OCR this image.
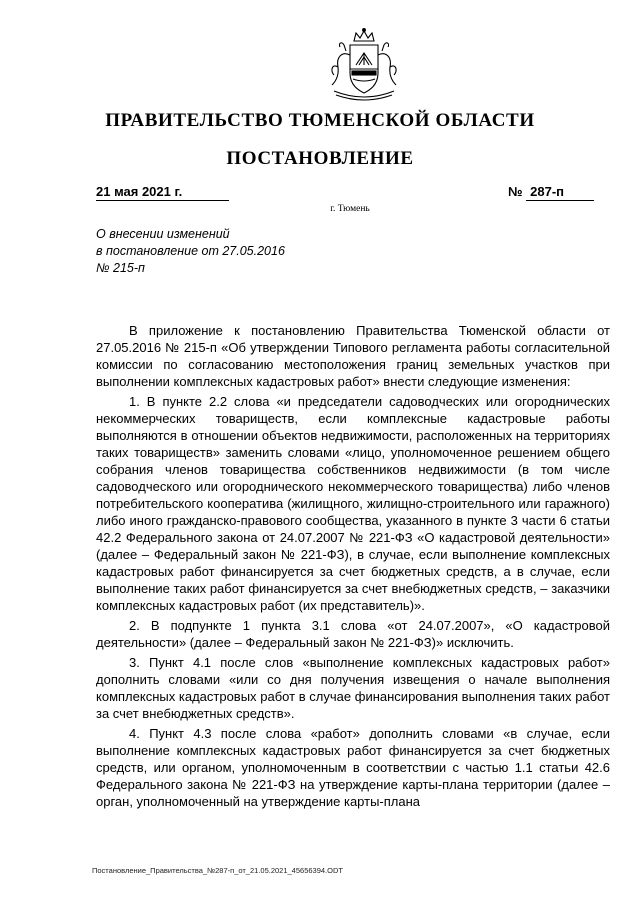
ПРАВИТЕЛЬСТВО ТЮМЕНСКОЙ ОБЛАСТИ
ПОСТАНОВЛЕНИЕ
21 мая 2021 г.	№ 287-п
г. Тюмень
О внесении изменений
в постановление от 27.05.2016
№ 215-п

В приложение к постановлению Правительства Тюменской области от 27.05.2016 № 215-п «Об утверждении Типового регламента работы согласительной комиссии по согласованию местоположения границ земельных участков при выполнении комплексных кадастровых работ» внести следующие изменения:

1. В пункте 2.2 слова «и председатели садоводческих или огороднических некоммерческих товариществ, если комплексные кадастровые работы выполняются в отношении объектов недвижимости, расположенных на территориях таких товариществ» заменить словами «лицо, уполномоченное решением общего собрания членов товарищества собственников недвижимости (в том числе садоводческого или огороднического некоммерческого товарищества) либо членов потребительского кооператива (жилищного, жилищно-строительного или гаражного) либо иного гражданско-правового сообщества, указанного в пункте 3 части 6 статьи 42.2 Федерального закона от 24.07.2007 № 221-ФЗ «О кадастровой деятельности» (далее – Федеральный закон № 221-ФЗ), в случае, если выполнение комплексных кадастровых работ финансируется за счет бюджетных средств, а в случае, если выполнение таких работ финансируется за счет внебюджетных средств, – заказчики комплексных кадастровых работ (их представитель)».

2. В подпункте 1 пункта 3.1 слова «от 24.07.2007», «О кадастровой деятельности» (далее – Федеральный закон № 221-ФЗ)» исключить.

3. Пункт 4.1 после слов «выполнение комплексных кадастровых работ» дополнить словами «или со дня получения извещения о начале выполнения комплексных кадастровых работ в случае финансирования выполнения таких работ за счет внебюджетных средств».

4. Пункт 4.3 после слова «работ» дополнить словами «в случае, если выполнение комплексных кадастровых работ финансируется за счет бюджетных средств, или органом, уполномоченным в соответствии с частью 1.1 статьи 42.6 Федерального закона № 221-ФЗ на утверждение карты-плана территории (далее – орган, уполномоченный на утверждение карты-плана

Постановление_Правительства_№287-п_от_21.05.2021_45656394.ODT
